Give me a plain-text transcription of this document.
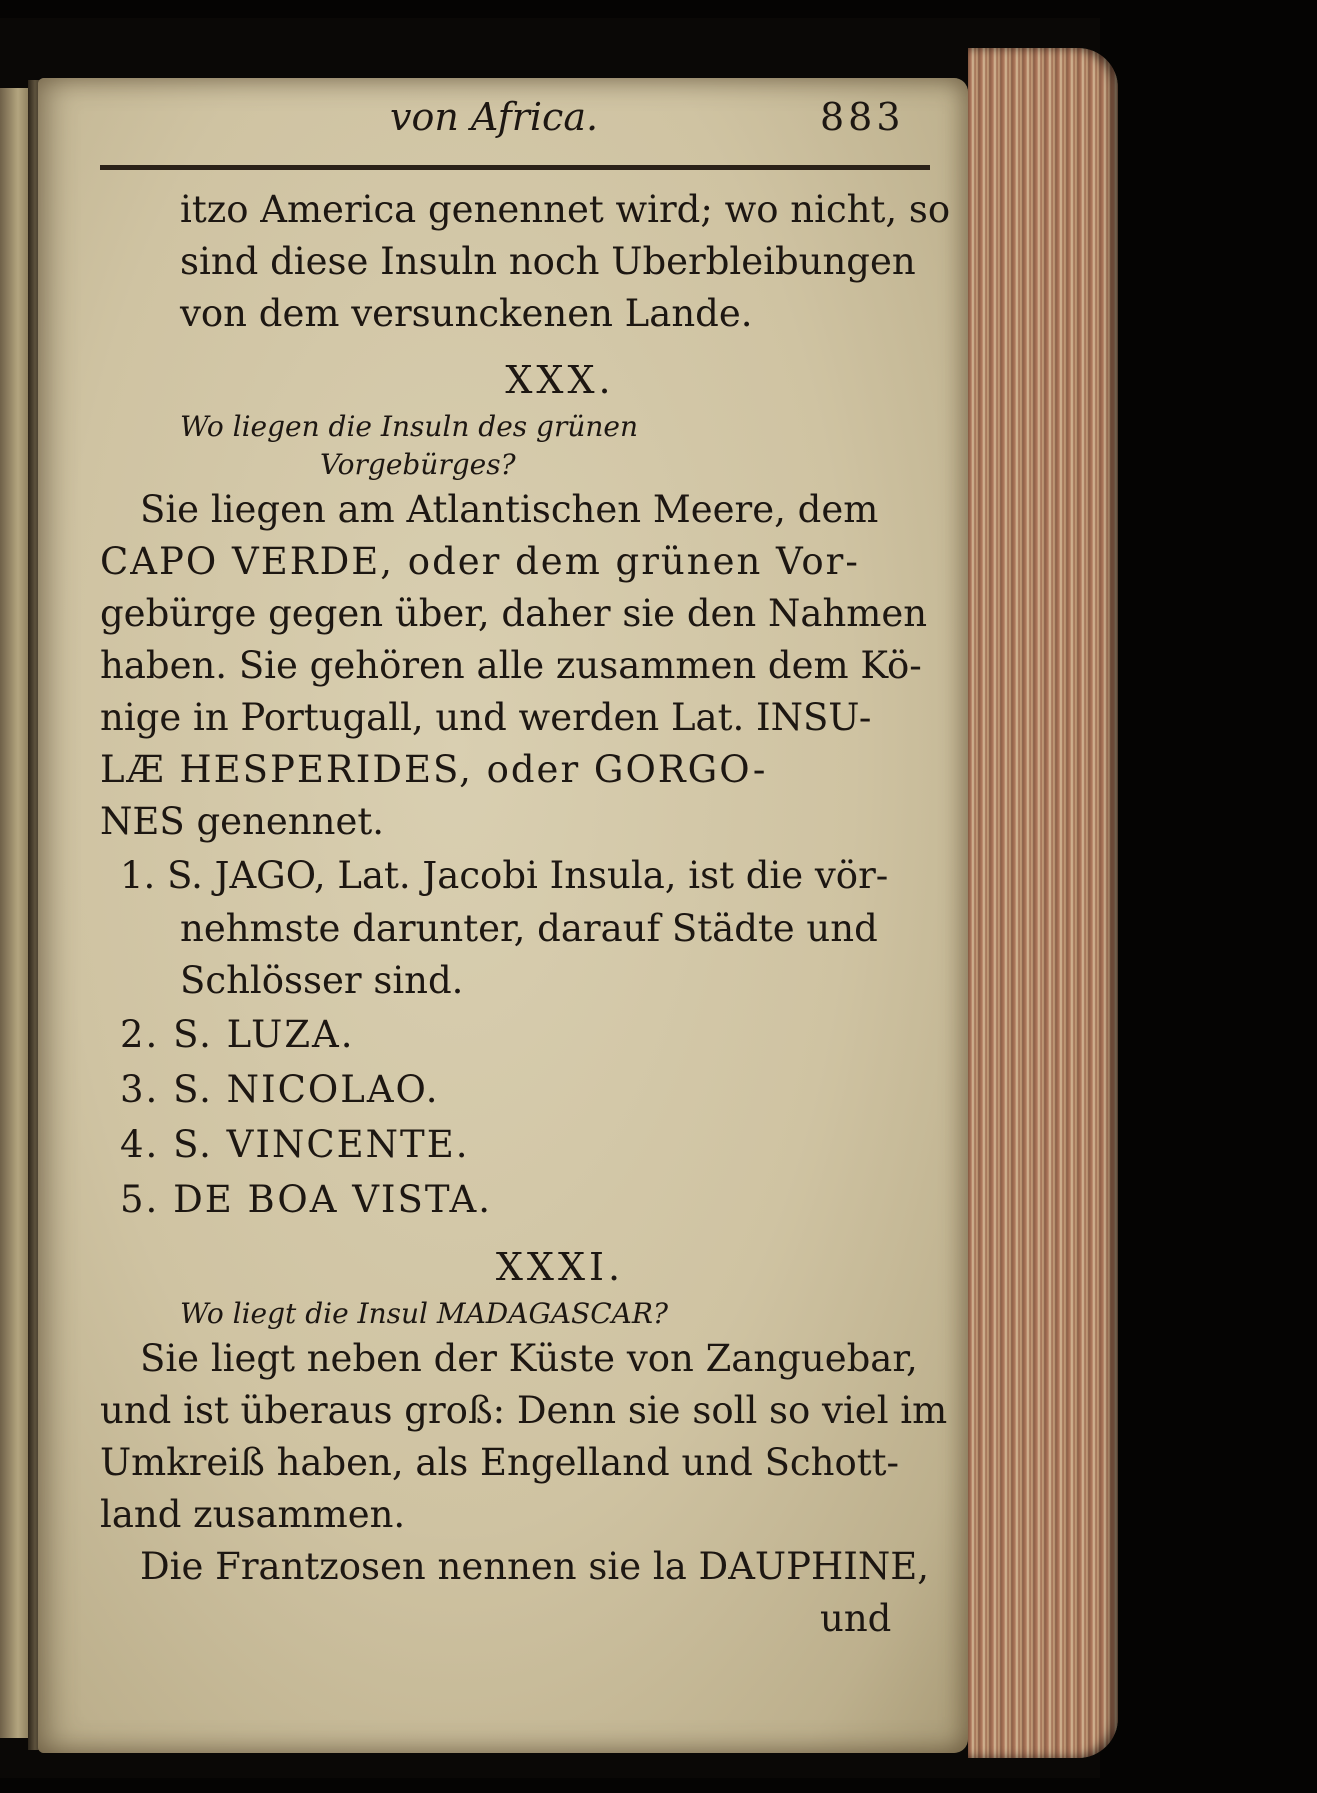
von Africa.	883
itzo America genennet wird; wo nicht, so
sind diese Insuln noch Uberbleibungen
von dem versunckenen Lande.
XXX.
Wo liegen die Insuln des grünen
Vorgebürges?
Sie liegen am Atlantischen Meere, dem
CAPO VERDE, oder dem grünen Vor-
gebürge gegen über, daher sie den Nahmen
haben. Sie gehören alle zusammen dem Kö-
nige in Portugall, und werden Lat. INSU-
LÆ HESPERIDES, oder GORGO-
NES genennet.
1. S. JAGO, Lat. Jacobi Insula, ist die vör-
nehmste darunter, darauf Städte und
Schlösser sind.
2. S. LUZA.
3. S. NICOLAO.
4. S. VINCENTE.
5. DE BOA VISTA.
XXXI.
Wo liegt die Insul MADAGASCAR?
Sie liegt neben der Küste von Zanguebar,
und ist überaus groß: Denn sie soll so viel im
Umkreiß haben, als Engelland und Schott-
land zusammen.
Die Frantzosen nennen sie la DAUPHINE,
und
